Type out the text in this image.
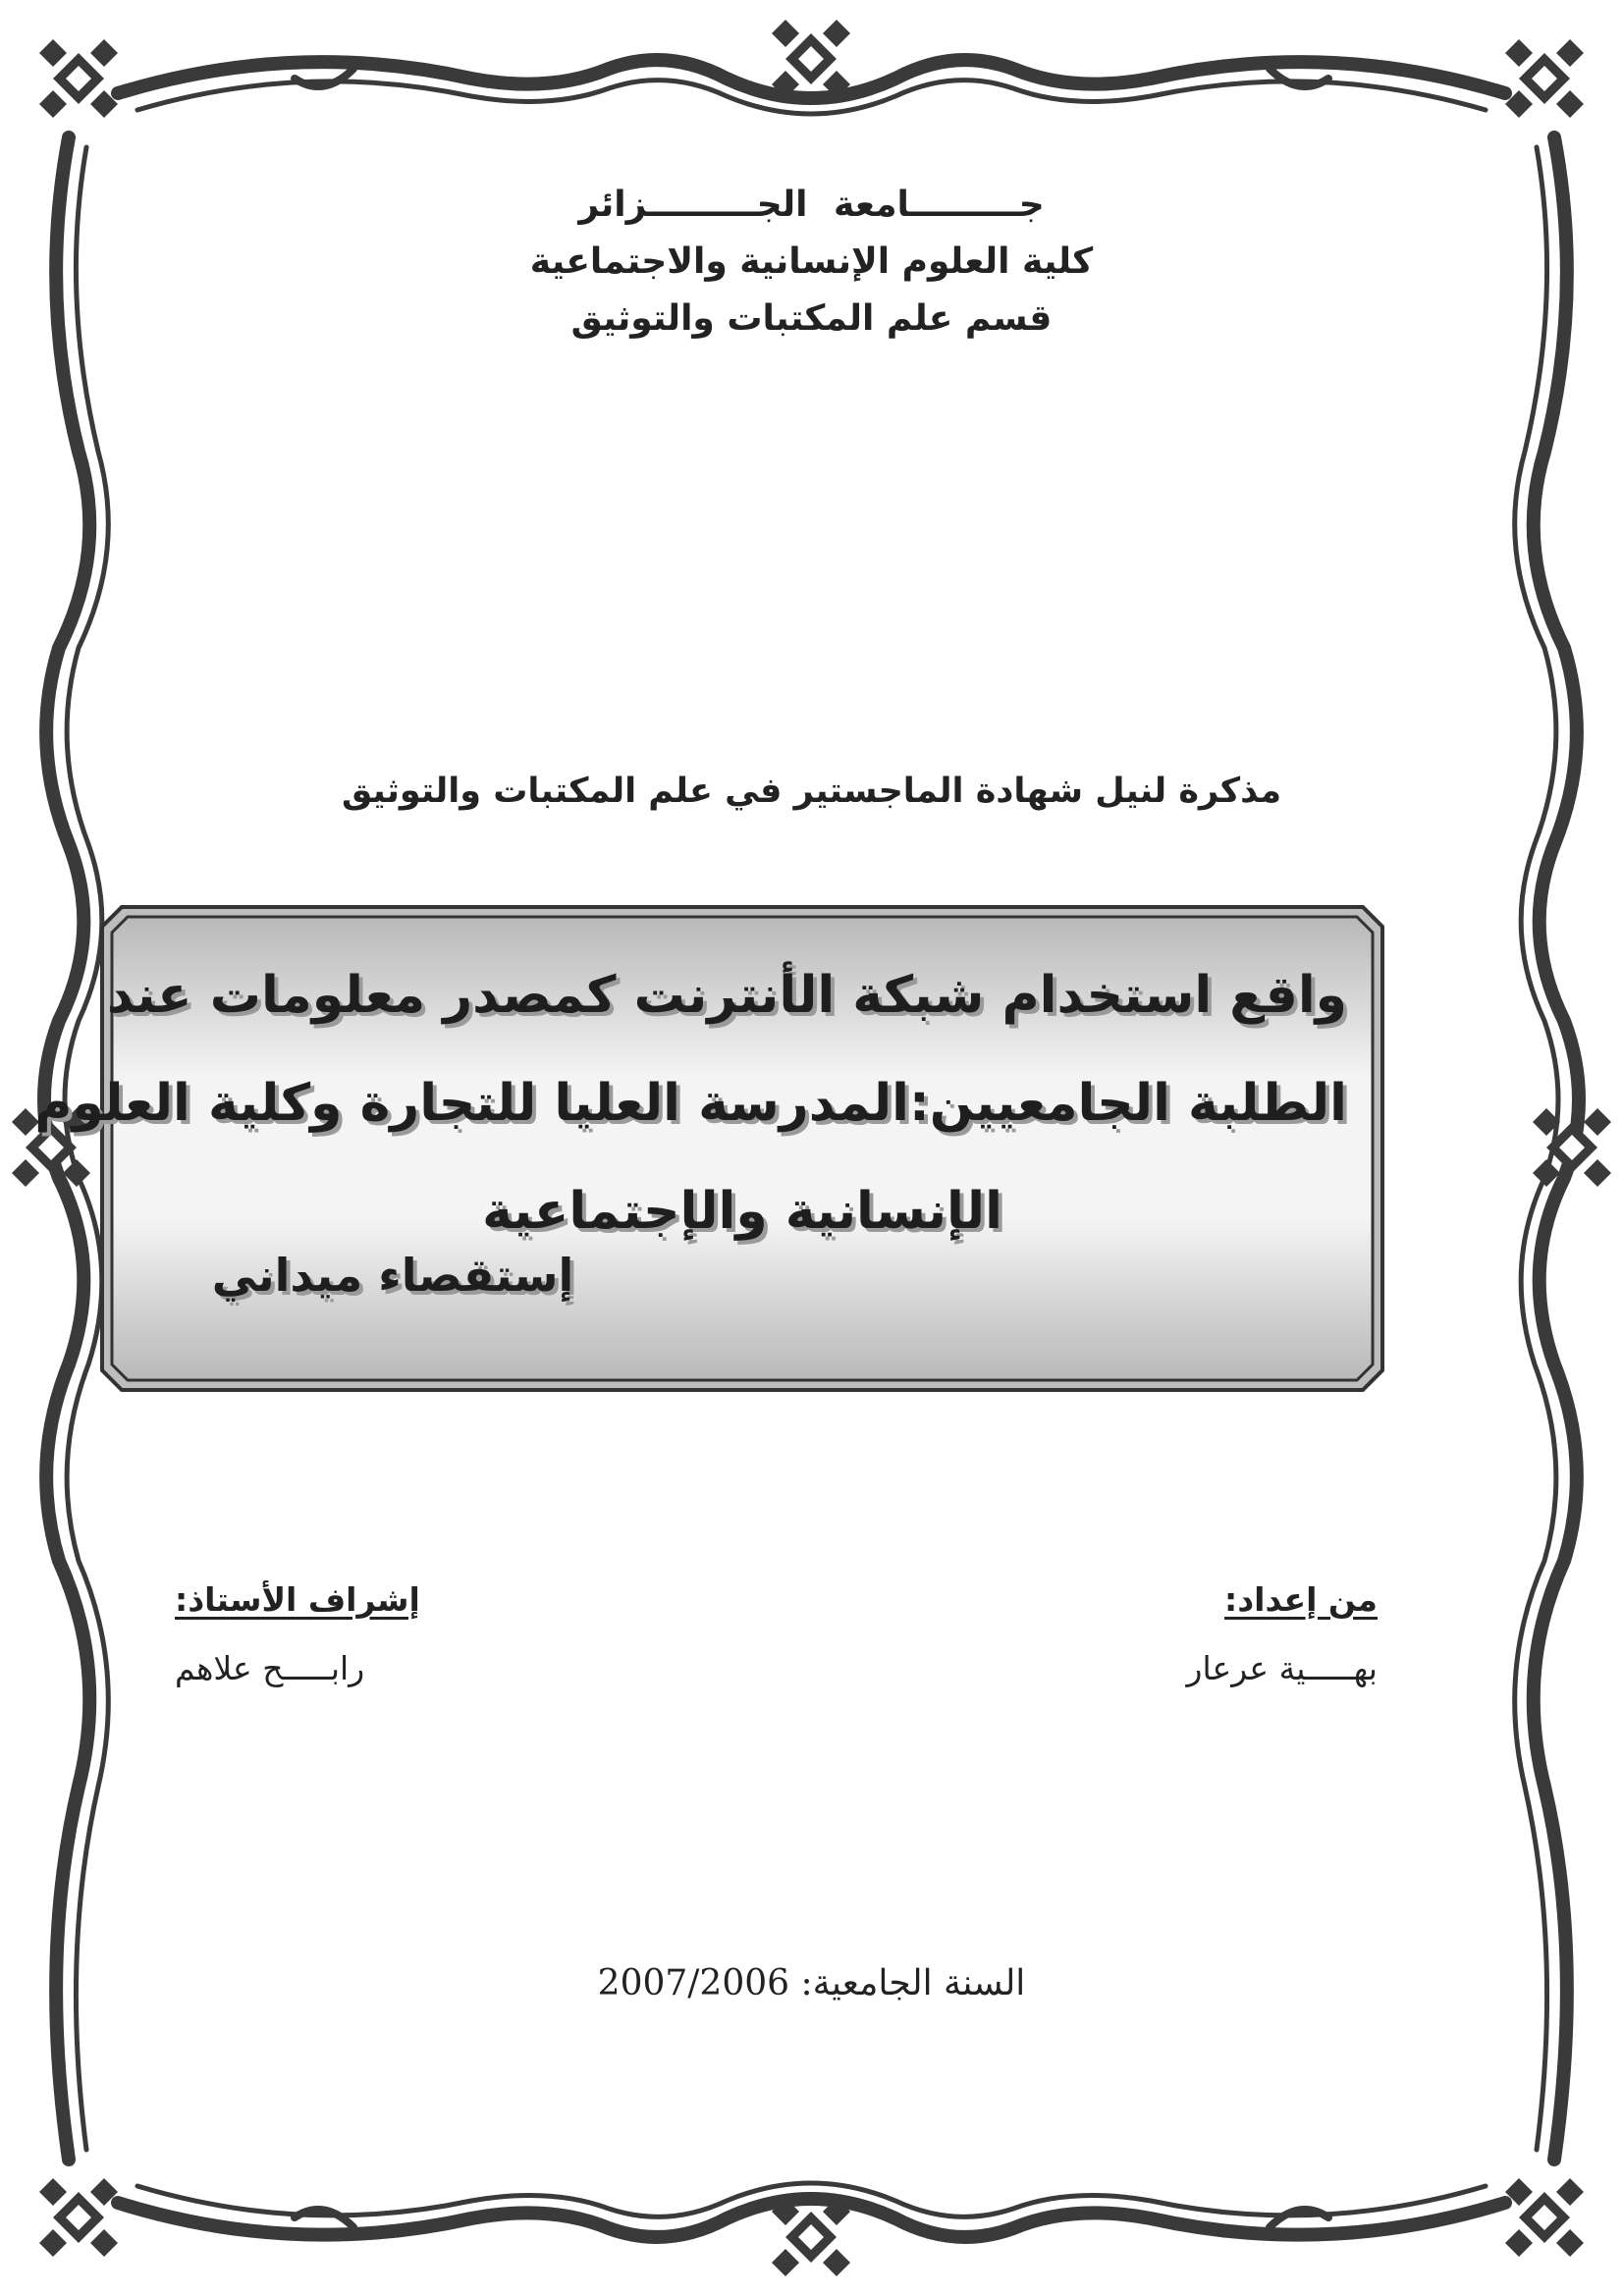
جـــــــــامعة الجـــــــــزائر
كلية العلوم الإنسانية والاجتماعية
قسم علم المكتبات والتوثيق
مذكرة لنيل شهادة الماجستير في علم المكتبات والتوثيق
واقع استخدام شبكة الأنترنت كمصدر معلومات عند
الطلبة الجامعيين:المدرسة العليا للتجارة وكلية العلوم
الإنسانية والإجتماعية
إستقصاء ميداني
من إعداد:
بهـــــية عرعار
إشراف الأستاذ:
رابـــــح علاهم
السنة الجامعية: 2007/2006
